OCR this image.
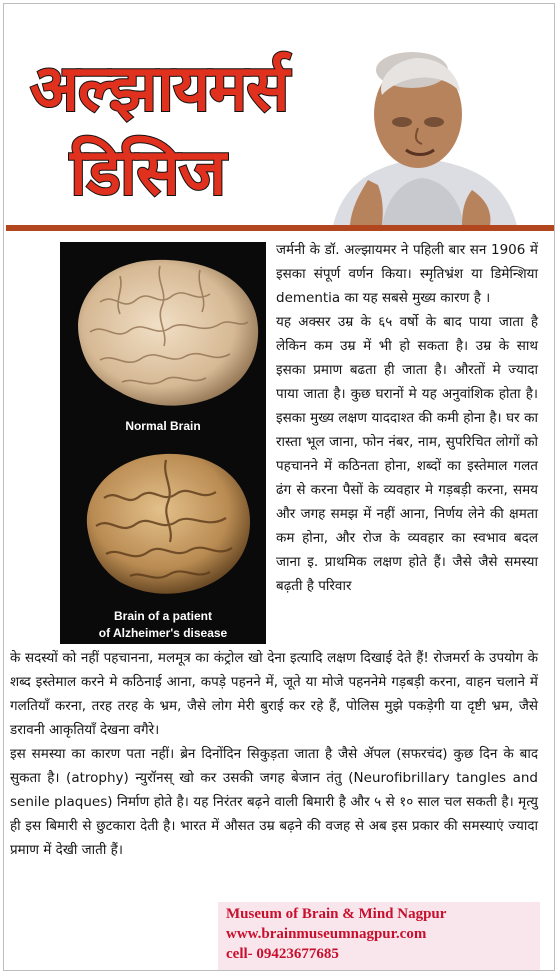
अल्झायमर्स
डिसिज
Normal Brain
Brain of a patient
of Alzheimer's disease

जर्मनी के डॉ. अल्झायमर ने पहिली बार सन 1906 में इसका संपूर्ण वर्णन किया। स्मृतिभ्रंश या डिमेन्शिया dementia का यह सबसे मुख्य कारण है ।

यह अक्सर उम्र के ६५ वर्षो के बाद पाया जाता है लेकिन कम उम्र में भी हो सकता है। उम्र के साथ इसका प्रमाण बढता ही जाता है। औरतों मे ज्यादा पाया जाता है। कुछ घरानों मे यह अनुवांशिक होता है। इसका मुख्य लक्षण याददाश्त की कमी होना है। घर का रास्ता भूल जाना, फोन नंबर, नाम, सुपरिचित लोगों को पहचानने में कठिनता होना, शब्दों का इस्तेमाल गलत ढंग से करना पैसों के व्यवहार मे गड़बड़ी करना, समय और जगह समझ में नहीं आना, निर्णय लेने की क्षमता कम होना, और रोज के व्यवहार का स्वभाव बदल जाना इ. प्राथमिक लक्षण होते हैं। जैसे जैसे समस्या बढ़ती है परिवार

के सदस्यों को नहीं पहचानना, मलमूत्र का कंट्रोल खो देना इत्यादि लक्षण दिखाई देते हैं! रोजमर्रा के उपयोग के शब्द इस्तेमाल करने मे कठिनाई आना, कपड़े पहनने में, जूते या मोजे पहननेमे गड़बड़ी करना, वाहन चलाने में गलतियाँ करना, तरह तरह के भ्रम, जैसे लोग मेरी बुराई कर रहे हैं, पोलिस मुझे पकड़ेगी या दृष्टी भ्रम, जैसे डरावनी आकृतियाँ देखना वगैरे।

इस समस्या का कारण पता नहीं। ब्रेन दिनोंदिन सिकुड़ता जाता है जैसे ॲपल (सफरचंद) कुछ दिन के बाद सुकता है। (atrophy) न्युरॉनस् खो कर उसकी जगह बेजान तंतु (Neurofibrillary tangles and senile plaques) निर्माण होते है। यह निरंतर बढ़ने वाली बिमारी है और ५ से १० साल चल सकती है। मृत्यु ही इस बिमारी से छुटकारा देती है। भारत में औसत उम्र बढ़ने की वजह से अब इस प्रकार की समस्याएं ज्यादा प्रमाण में देखी जाती हैं।

Museum of Brain & Mind Nagpur
www.brainmuseumnagpur.com
cell- 09423677685
